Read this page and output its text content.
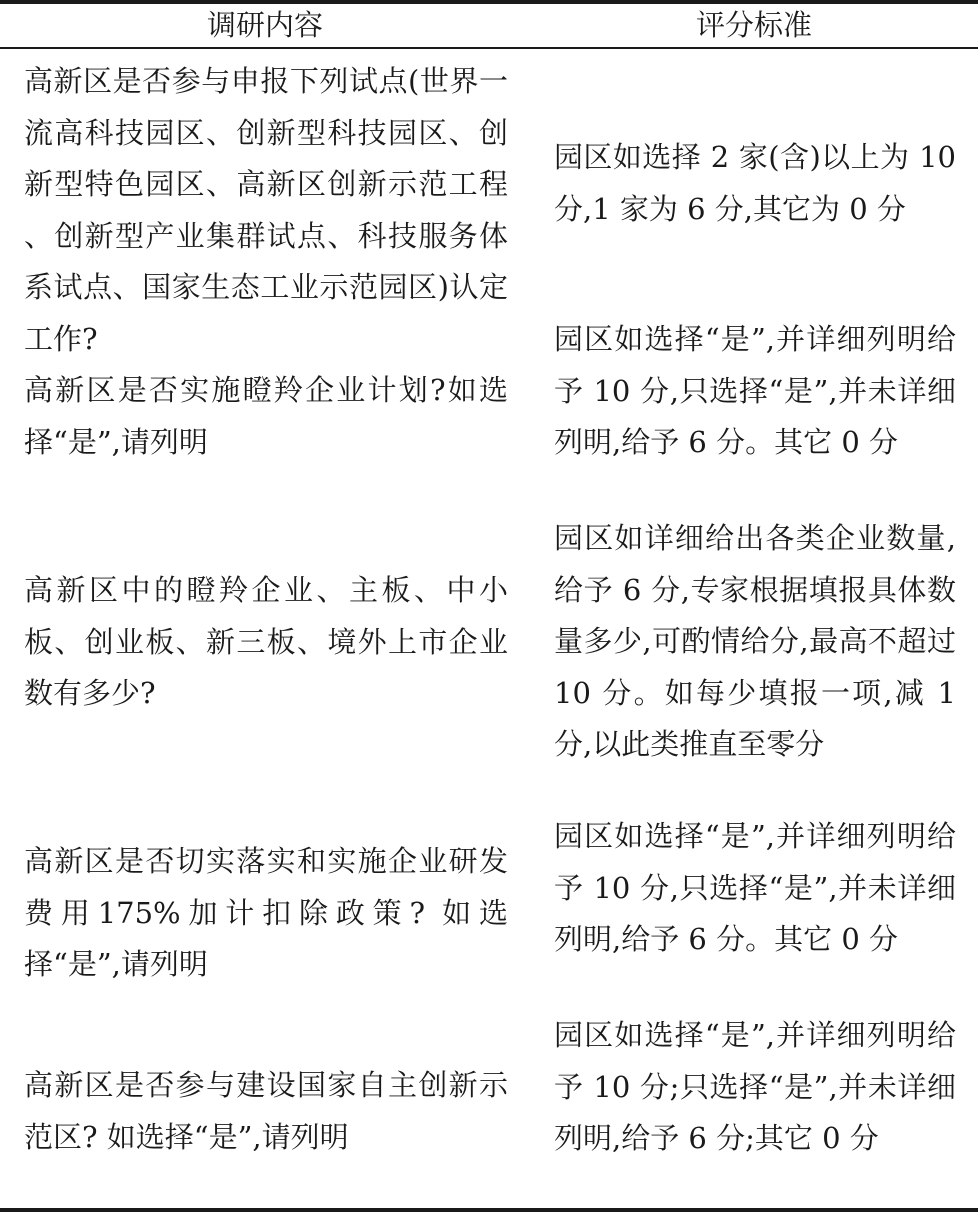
调研内容	评分标准
高新区是否参与申报下列试点(世界一流高科技园区、创新型科技园区、创新型特色园区、高新区创新示范工程 、创新型产业集群试点、科技服务体系试点、国家生态工业示范园区)认定工作?
园区如选择 2 家(含)以上为 10 分,1 家为 6 分,其它为 0 分
高新区是否实施瞪羚企业计划?如选择“是”,请列明
园区如选择“是”,并详细列明给予 10 分,只选择“是”,并未详细列明,给予 6 分。其它 0 分
高新区中的瞪羚企业、主板、中小板、创业板、新三板、境外上市企业数有多少?
园区如详细给出各类企业数量,给予 6 分,专家根据填报具体数量多少,可酌情给分,最高不超过 10 分。如每少填报一项,减 1 分,以此类推直至零分
高新区是否切实落实和实施企业研发费用175%加计扣除政策? 如选择“是”,请列明
园区如选择“是”,并详细列明给予 10 分,只选择“是”,并未详细列明,给予 6 分。其它 0 分
高新区是否参与建设国家自主创新示范区? 如选择“是”,请列明
园区如选择“是”,并详细列明给予 10 分;只选择“是”,并未详细列明,给予 6 分;其它 0 分
